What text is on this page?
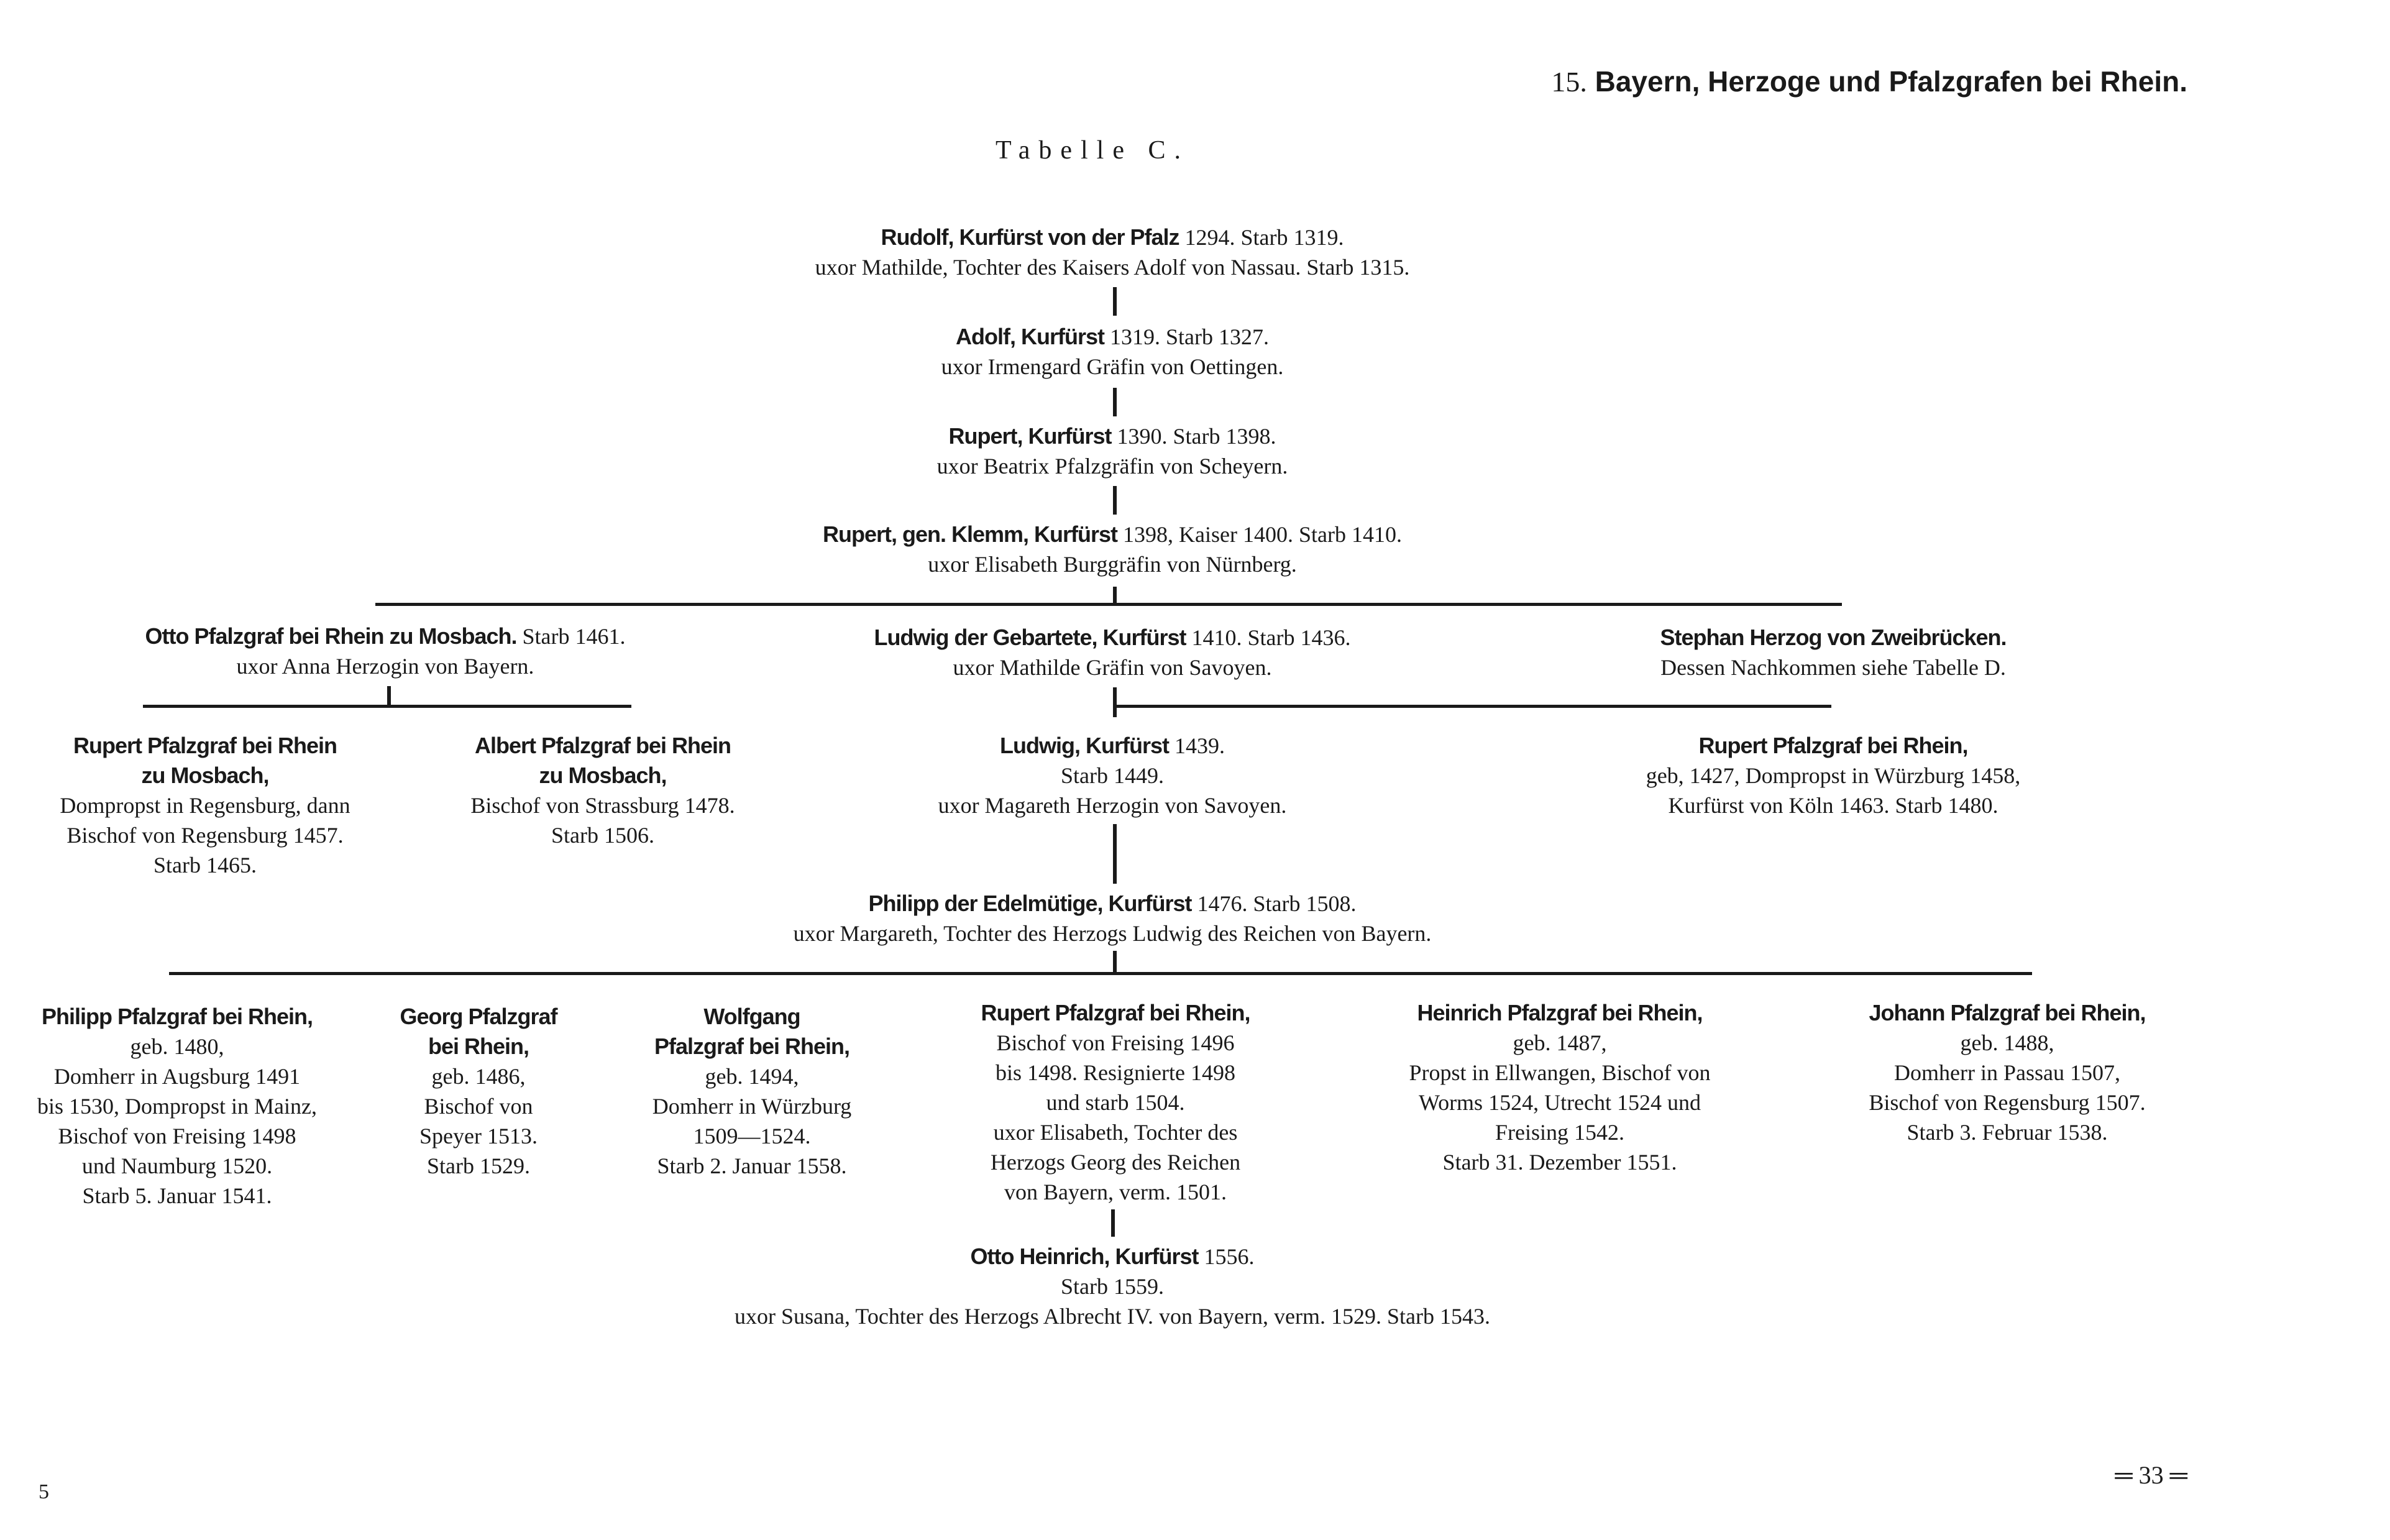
15. Bayern, Herzoge und Pfalzgrafen bei Rhein.
Tabelle C.
Rudolf, Kurfürst von der Pfalz 1294. Starb 1319.
uxor Mathilde, Tochter des Kaisers Adolf von Nassau. Starb 1315.
Adolf, Kurfürst 1319. Starb 1327.
uxor Irmengard Gräfin von Oettingen.
Rupert, Kurfürst 1390. Starb 1398.
uxor Beatrix Pfalzgräfin von Scheyern.
Rupert, gen. Klemm, Kurfürst 1398, Kaiser 1400. Starb 1410.
uxor Elisabeth Burggräfin von Nürnberg.
Otto Pfalzgraf bei Rhein zu Mosbach. Starb 1461.
uxor Anna Herzogin von Bayern.
Ludwig der Gebartete, Kurfürst 1410. Starb 1436.
uxor Mathilde Gräfin von Savoyen.
Stephan Herzog von Zweibrücken.
Dessen Nachkommen siehe Tabelle D.
Rupert Pfalzgraf bei Rhein
zu Mosbach,
Dompropst in Regensburg, dann
Bischof von Regensburg 1457.
Starb 1465.
Albert Pfalzgraf bei Rhein
zu Mosbach,
Bischof von Strassburg 1478.
Starb 1506.
Ludwig, Kurfürst 1439.
Starb 1449.
uxor Magareth Herzogin von Savoyen.
Rupert Pfalzgraf bei Rhein,
geb, 1427, Dompropst in Würzburg 1458,
Kurfürst von Köln 1463. Starb 1480.
Philipp der Edelmütige, Kurfürst 1476. Starb 1508.
uxor Margareth, Tochter des Herzogs Ludwig des Reichen von Bayern.
Philipp Pfalzgraf bei Rhein,
geb. 1480,
Domherr in Augsburg 1491
bis 1530, Dompropst in Mainz,
Bischof von Freising 1498
und Naumburg 1520.
Starb 5. Januar 1541.
Georg Pfalzgraf
bei Rhein,
geb. 1486,
Bischof von
Speyer 1513.
Starb 1529.
Wolfgang
Pfalzgraf bei Rhein,
geb. 1494,
Domherr in Würzburg
1509—1524.
Starb 2. Januar 1558.
Rupert Pfalzgraf bei Rhein,
Bischof von Freising 1496
bis 1498. Resignierte 1498
und starb 1504.
uxor Elisabeth, Tochter des
Herzogs Georg des Reichen
von Bayern, verm. 1501.
Heinrich Pfalzgraf bei Rhein,
geb. 1487,
Propst in Ellwangen, Bischof von
Worms 1524, Utrecht 1524 und
Freising 1542.
Starb 31. Dezember 1551.
Johann Pfalzgraf bei Rhein,
geb. 1488,
Domherr in Passau 1507,
Bischof von Regensburg 1507.
Starb 3. Februar 1538.
Otto Heinrich, Kurfürst 1556.
Starb 1559.
uxor Susana, Tochter des Herzogs Albrecht IV. von Bayern, verm. 1529. Starb 1543.
5
═ 33 ═
